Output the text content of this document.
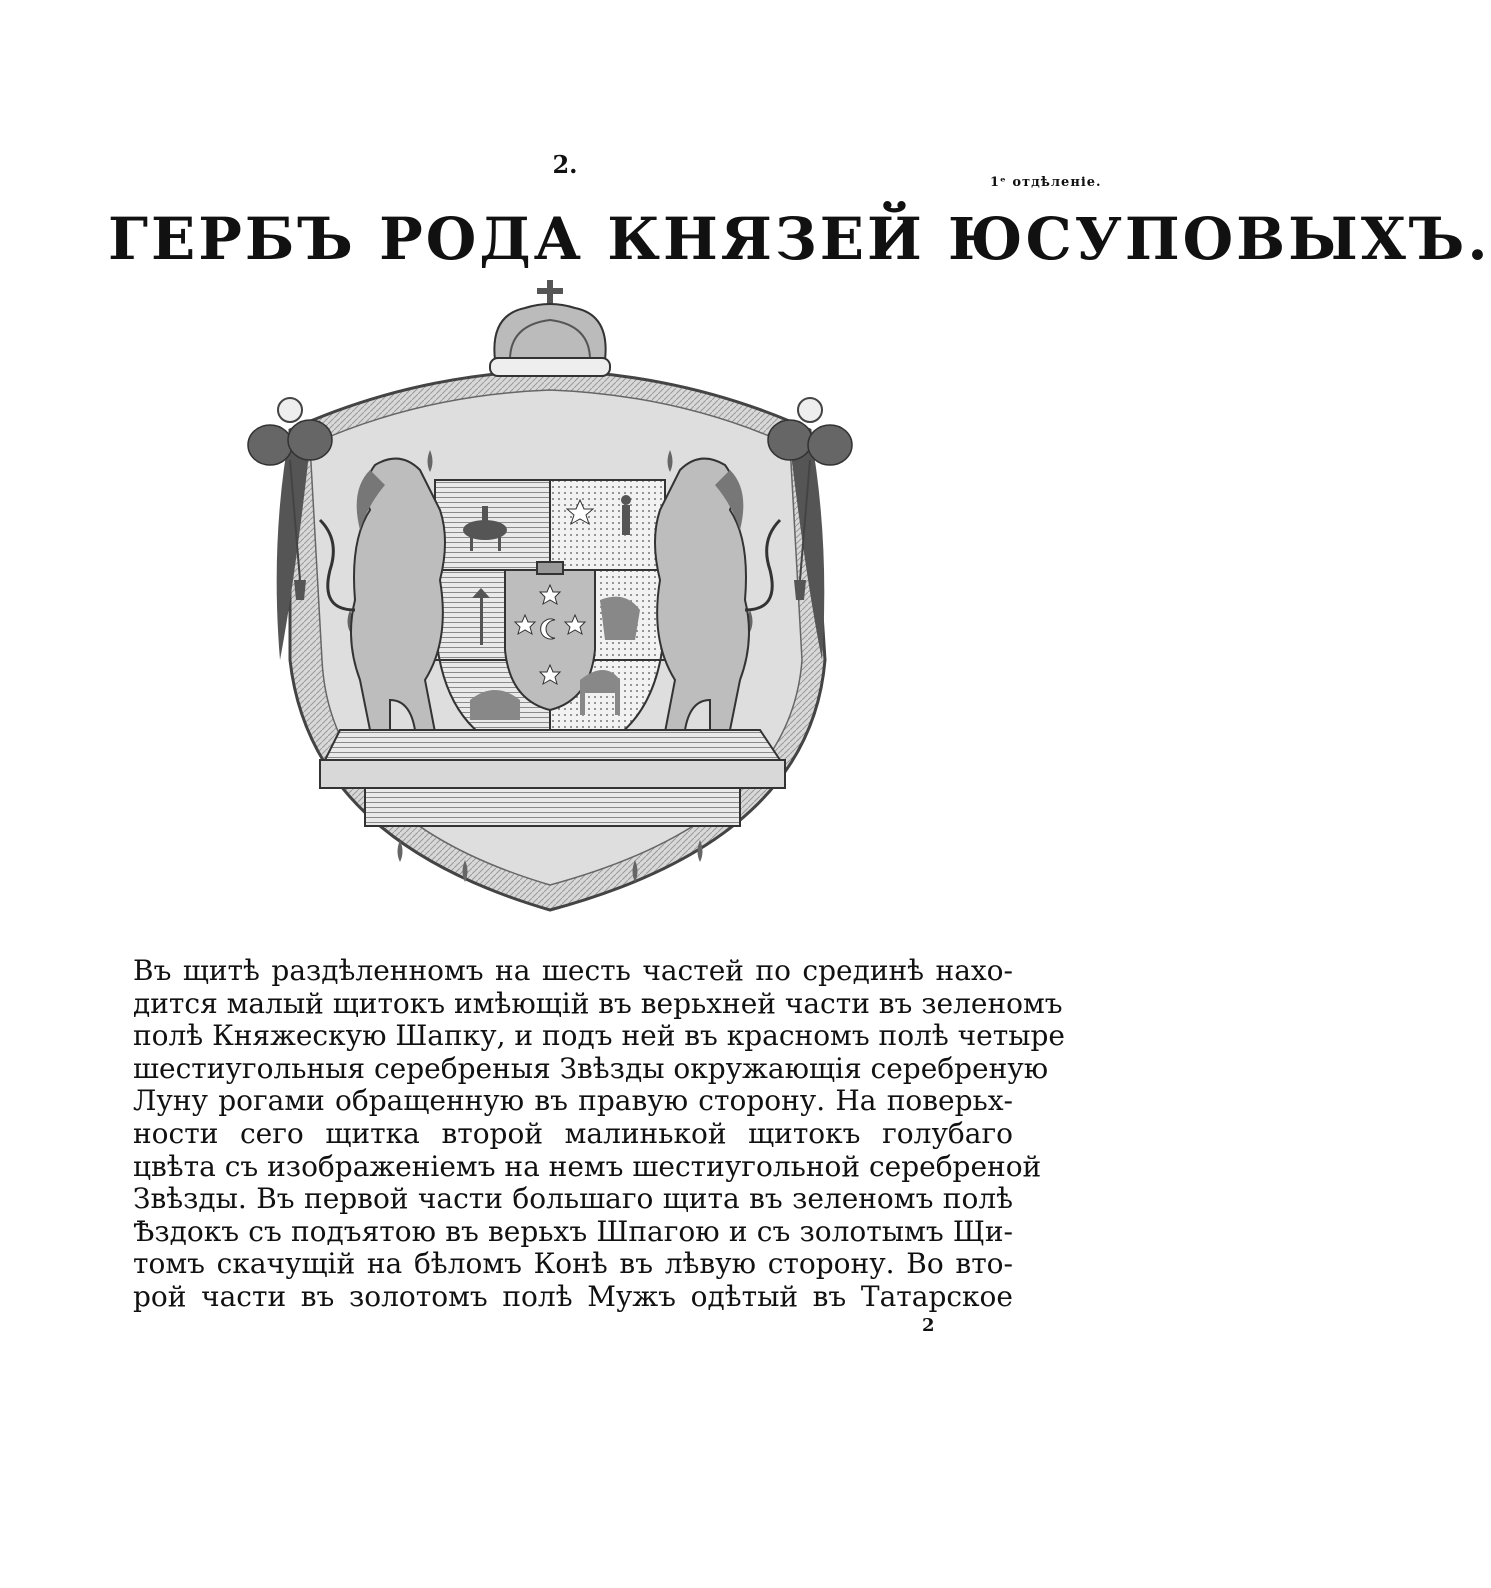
2.
1ᵉ отдѣленіе.
ГЕРБЪ РОДА КНЯЗЕЙ ЮСУПОВЫХЪ.
Въ щитѣ раздѣленномъ на шесть частей по срединѣ нахо-
дится малый щитокъ имѣющій въ верьхней части въ зеленомъ
полѣ Княжескую Шапку, и подъ ней въ красномъ полѣ четыре
шестиугольныя серебреныя Звѣзды окружающія серебреную
Луну рогами обращенную въ правую сторону. На поверьх-
ности сего щитка второй малинькой щитокъ голубаго
цвѣта съ изображеніемъ на немъ шестиугольной серебреной
Звѣзды. Въ первой части большаго щита въ зеленомъ полѣ
Ѣздокъ съ подъятою въ верьхъ Шпагою и съ золотымъ Щи-
томъ скачущій на бѣломъ Конѣ въ лѣвую сторону. Во вто-
рой части въ золотомъ полѣ Мужъ одѣтый въ Татарское
2
